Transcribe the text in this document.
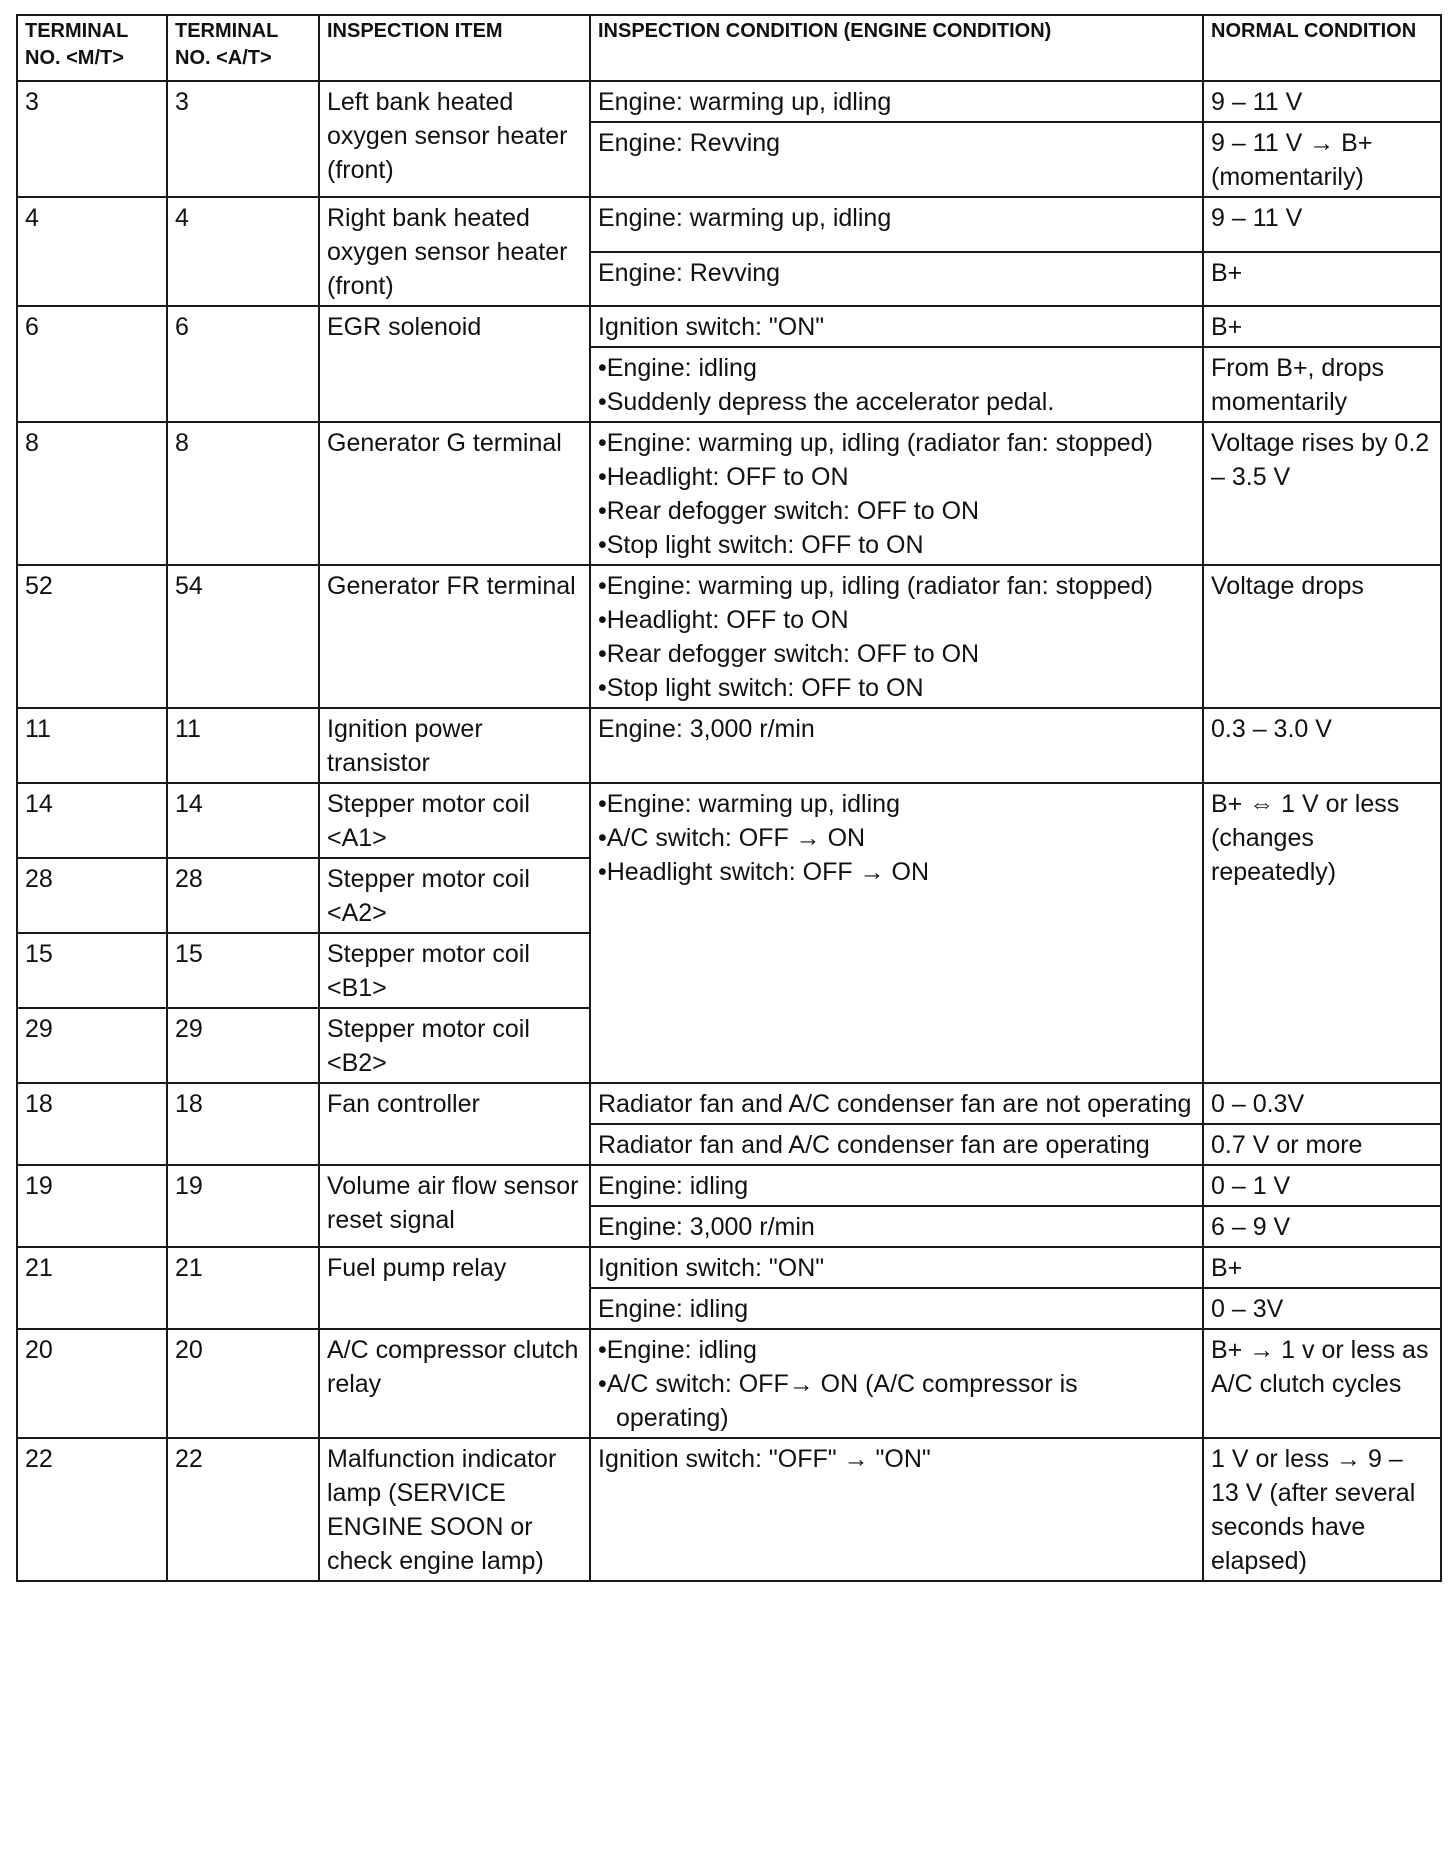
TERMINAL NO. <M/T>	TERMINAL NO. <A/T>	INSPECTION ITEM	INSPECTION CONDITION (ENGINE CONDITION)	NORMAL CONDITION
3	3	Left bank heated oxygen sensor heater (front)	Engine: warming up, idling	9 – 11 V

			Engine: Revving	9 – 11 V → B+ (momentarily)
4	4	Right bank heated oxygen sensor heater (front)	Engine: warming up, idling	9 – 11 V

			Engine: Revving	B+
6	6	EGR solenoid	Ignition switch: "ON"	B+

			•Engine: idling
•Suddenly depress the accelerator pedal.	From B+, drops momentarily
8	8	Generator G terminal	•Engine: warming up, idling (radiator fan: stopped)
•Headlight: OFF to ON
•Rear defogger switch: OFF to ON
•Stop light switch: OFF to ON	Voltage rises by 0.2 – 3.5 V
52	54	Generator FR terminal	•Engine: warming up, idling (radiator fan: stopped)
•Headlight: OFF to ON
•Rear defogger switch: OFF to ON
•Stop light switch: OFF to ON	Voltage drops
11	11	Ignition power transistor	Engine: 3,000 r/min	0.3 – 3.0 V
14	14	Stepper motor coil <A1>	•Engine: warming up, idling
•A/C switch: OFF → ON
•Headlight switch: OFF → ON	B+ ⇔ 1 V or less (changes repeatedly)
28	28	Stepper motor coil <A2>		
15	15	Stepper motor coil <B1>		
29	29	Stepper motor coil <B2>		
18	18	Fan controller	Radiator fan and A/C condenser fan are not operating	0 – 0.3V

			Radiator fan and A/C condenser fan are operating	0.7 V or more
19	19	Volume air flow sensor reset signal	Engine: idling	0 – 1 V

			Engine: 3,000 r/min	6 – 9 V
21	21	Fuel pump relay	Ignition switch: "ON"	B+

			Engine: idling	0 – 3V
20	20	A/C compressor clutch relay	•Engine: idling
•A/C switch: OFF→ ON (A/C compressor is operating)	B+ → 1 v or less as A/C clutch cycles
22	22	Malfunction indicator lamp (SERVICE ENGINE SOON or check engine lamp)	Ignition switch: "OFF" → "ON"	1 V or less → 9 – 13 V (after several seconds have elapsed)
